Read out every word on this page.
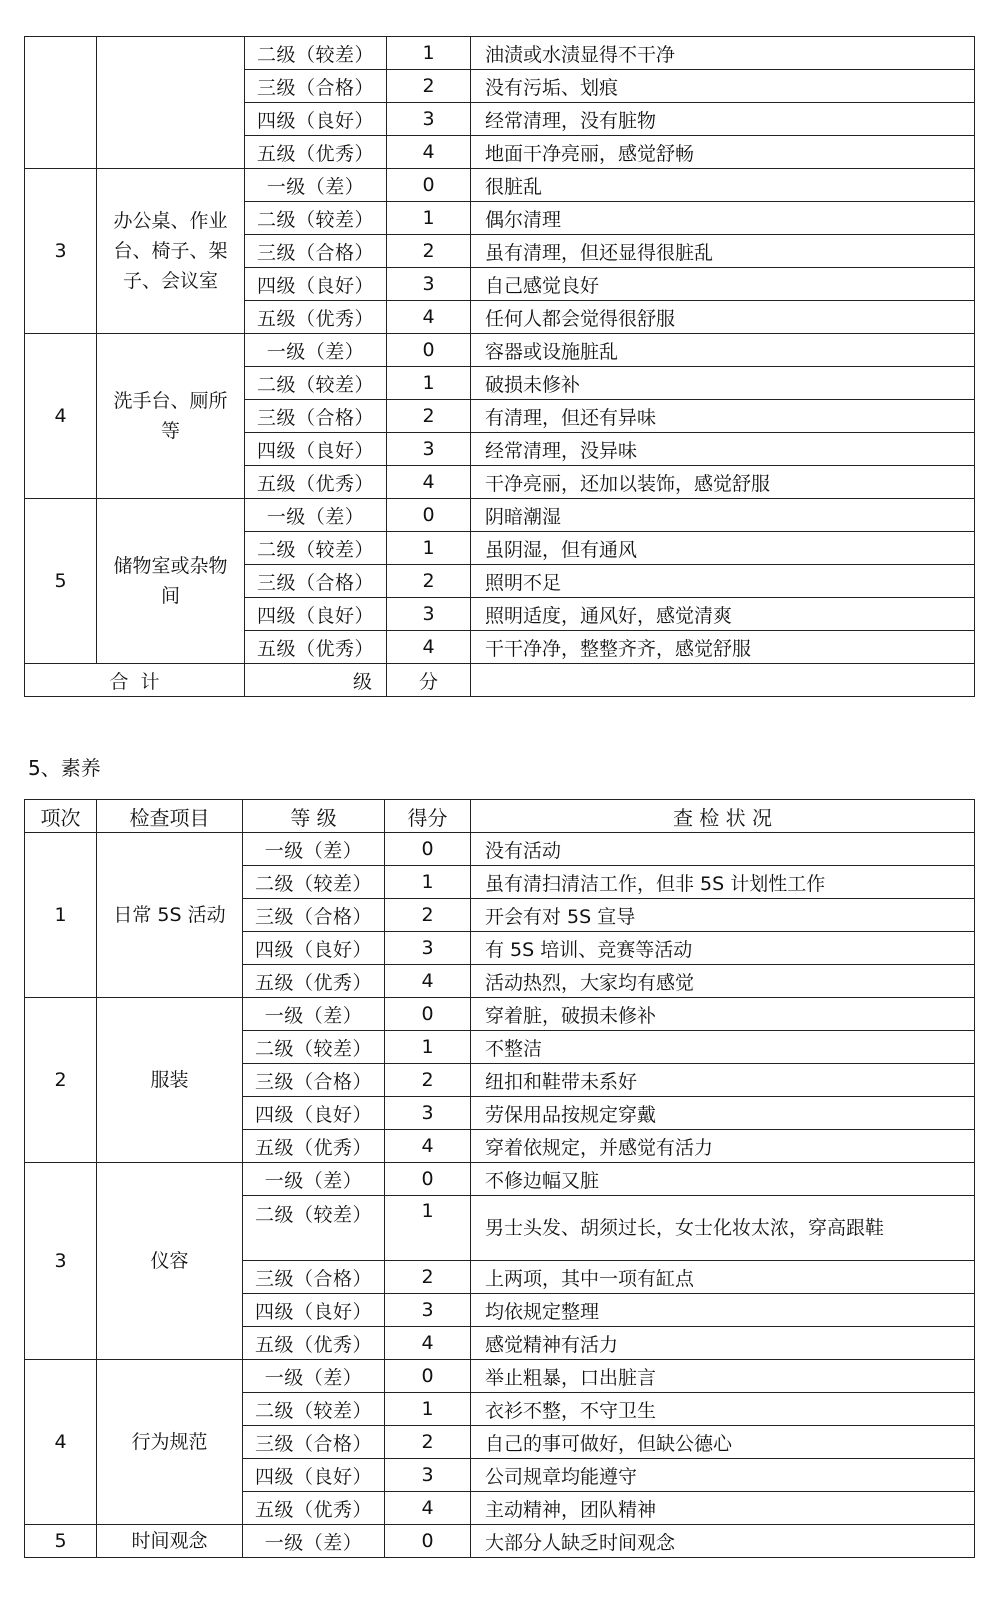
		二级（较差）	1	油渍或水渍显得不干净
		三级（合格）	2	没有污垢、划痕
		四级（良好）	3	经常清理，没有脏物
		五级（优秀）	4	地面干净亮丽，感觉舒畅
3	办公桌、作业台、椅子、架子、会议室	一级（差）	0	很脏乱
		二级（较差）	1	偶尔清理
		三级（合格）	2	虽有清理，但还显得很脏乱
		四级（良好）	3	自己感觉良好
		五级（优秀）	4	任何人都会觉得很舒服
4	洗手台、厕所等	一级（差）	0	容器或设施脏乱
		二级（较差）	1	破损未修补
		三级（合格）	2	有清理，但还有异味
		四级（良好）	3	经常清理，没异味
		五级（优秀）	4	干净亮丽，还加以装饰，感觉舒服
5	储物室或杂物间	一级（差）	0	阴暗潮湿
		二级（较差）	1	虽阴湿，但有通风
		三级（合格）	2	照明不足
		四级（良好）	3	照明适度，通风好，感觉清爽
		五级（优秀）	4	干干净净，整整齐齐，感觉舒服
合  计		级	分	
5、素养
项次	检查项目	等 级	得分	查 检 状 况
1	日常 5S 活动	一级（差）	0	没有活动
		二级（较差）	1	虽有清扫清洁工作，但非 5S 计划性工作
		三级（合格）	2	开会有对 5S 宣导
		四级（良好）	3	有 5S 培训、竞赛等活动
		五级（优秀）	4	活动热烈，大家均有感觉
2	服装	一级（差）	0	穿着脏，破损未修补
		二级（较差）	1	不整洁
		三级（合格）	2	纽扣和鞋带未系好
		四级（良好）	3	劳保用品按规定穿戴
		五级（优秀）	4	穿着依规定，并感觉有活力
3	仪容	一级（差）	0	不修边幅又脏
		二级（较差）	1	男士头发、胡须过长，女士化妆太浓，穿高跟鞋
		三级（合格）	2	上两项，其中一项有缸点
		四级（良好）	3	均依规定整理
		五级（优秀）	4	感觉精神有活力
4	行为规范	一级（差）	0	举止粗暴，口出脏言
		二级（较差）	1	衣衫不整，不守卫生
		三级（合格）	2	自己的事可做好，但缺公德心
		四级（良好）	3	公司规章均能遵守
		五级（优秀）	4	主动精神，团队精神
5	时间观念	一级（差）	0	大部分人缺乏时间观念
